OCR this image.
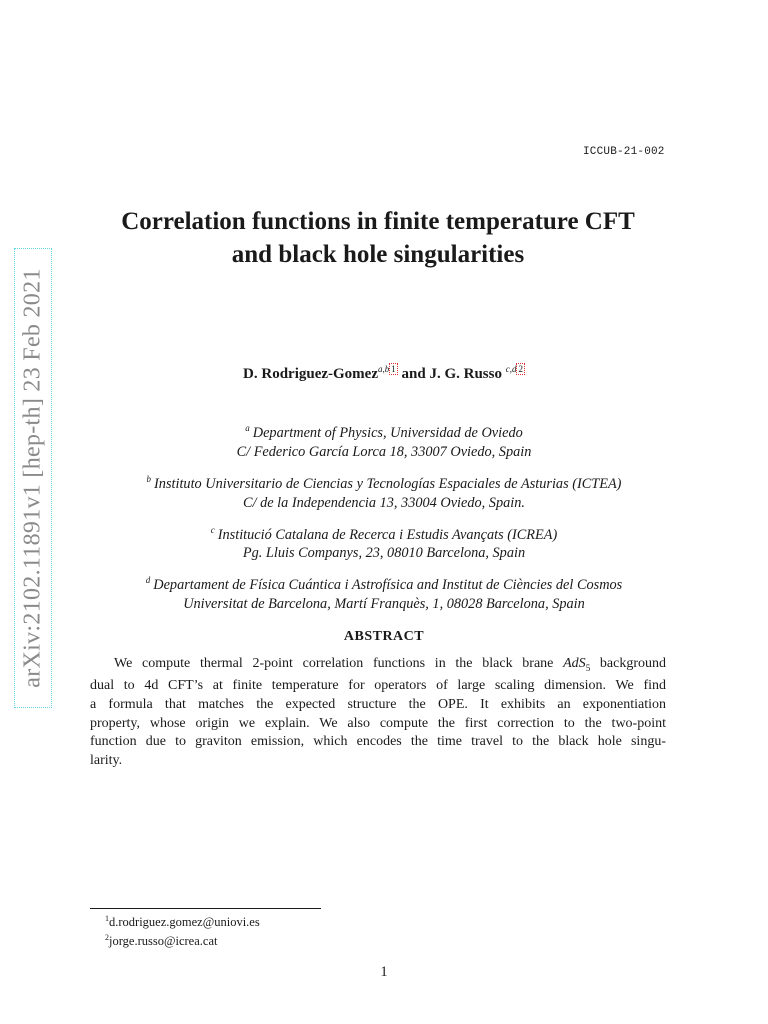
ICCUB-21-002
arXiv:2102.11891v1 [hep-th] 23 Feb 2021
Correlation functions in finite temperature CFT
and black hole singularities
D. Rodriguez-Gomez$^{a,b}$ 1 and J. G. Russo $^{c,d}$ 2
$^a$ Department of Physics, Universidad de Oviedo
C/ Federico García Lorca 18, 33007 Oviedo, Spain
$^b$ Instituto Universitario de Ciencias y Tecnologías Espaciales de Asturias (ICTEA)
C/ de la Independencia 13, 33004 Oviedo, Spain.
$^c$ Institució Catalana de Recerca i Estudis Avançats (ICREA)
Pg. Lluis Companys, 23, 08010 Barcelona, Spain
$^d$ Departament de Física Cuántica i Astrofísica and Institut de Ciències del Cosmos
Universitat de Barcelona, Martí Franquès, 1, 08028 Barcelona, Spain
ABSTRACT
We compute thermal 2-point correlation functions in the black brane AdS$_5$ background
dual to 4d CFT’s at finite temperature for operators of large scaling dimension. We find
a formula that matches the expected structure the OPE. It exhibits an exponentiation
property, whose origin we explain. We also compute the first correction to the two-point
function due to graviton emission, which encodes the time travel to the black hole singu-
larity.
$^1$d.rodriguez.gomez@uniovi.es
$^2$jorge.russo@icrea.cat
1
